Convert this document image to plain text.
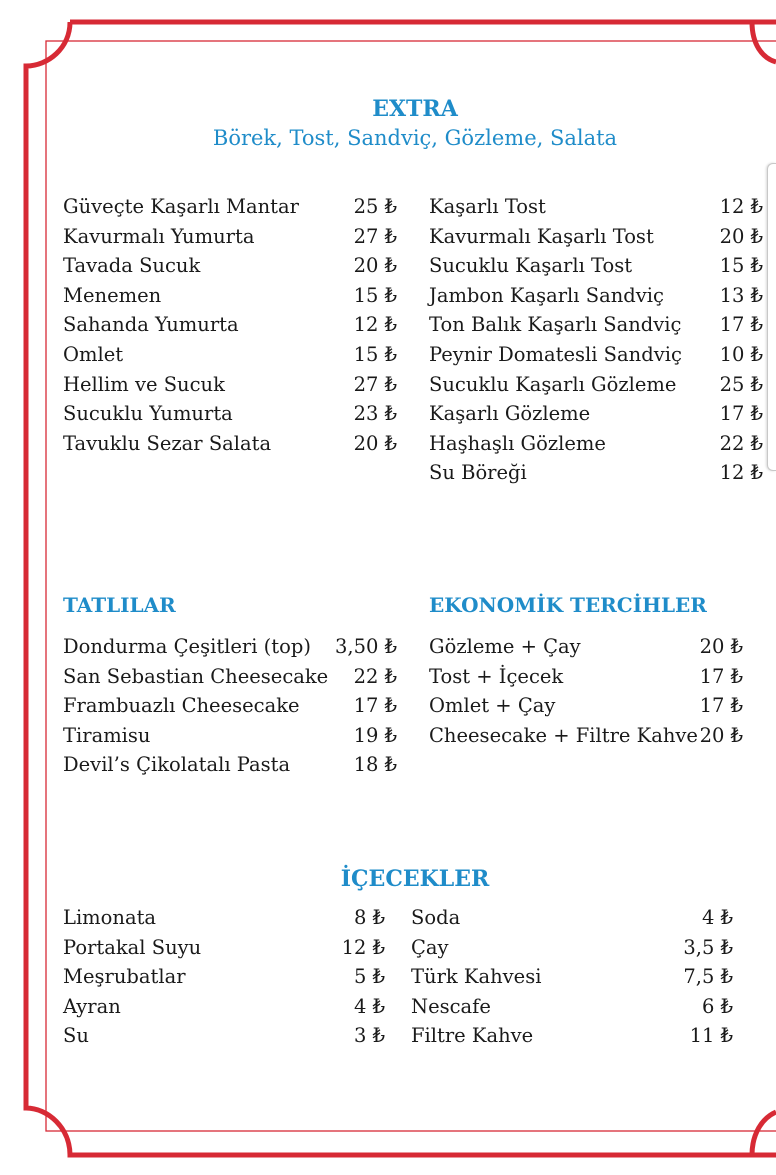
EXTRA
Börek, Tost, Sandviç, Gözleme, Salata
Güveçte Kaşarlı Mantar	25 ₺
Kavurmalı Yumurta	27 ₺
Tavada Sucuk	20 ₺
Menemen	15 ₺
Sahanda Yumurta	12 ₺
Omlet	15 ₺
Hellim ve Sucuk	27 ₺
Sucuklu Yumurta	23 ₺
Tavuklu Sezar Salata	20 ₺
Kaşarlı Tost	12 ₺
Kavurmalı Kaşarlı Tost	20 ₺
Sucuklu Kaşarlı Tost	15 ₺
Jambon Kaşarlı Sandviç	13 ₺
Ton Balık Kaşarlı Sandviç 17 ₺
Peynir Domatesli Sandviç 10 ₺
Sucuklu Kaşarlı Gözleme 25 ₺
Kaşarlı Gözleme	17 ₺
Haşhaşlı Gözleme	22 ₺
Su Böreği	12 ₺
TATLILAR	EKONOMİK TERCİHLER
Dondurma Çeşitleri (top) 3,50 ₺
San Sebastian Cheesecake 22 ₺
Frambuazlı Cheesecake	17 ₺
Tiramisu	19 ₺
Devil’s Çikolatalı Pasta	18 ₺
Gözleme + Çay	20 ₺
Tost + İçecek	17 ₺
Omlet + Çay	17 ₺
Cheesecake + Filtre Kahve 20 ₺
İÇECEKLER
Limonata	8 ₺
Portakal Suyu	12 ₺
Meşrubatlar	5 ₺
Ayran	4 ₺
Su	3 ₺
Soda	4 ₺
Çay	3,5 ₺
Türk Kahvesi	7,5 ₺
Nescafe	6 ₺
Filtre Kahve	11 ₺
